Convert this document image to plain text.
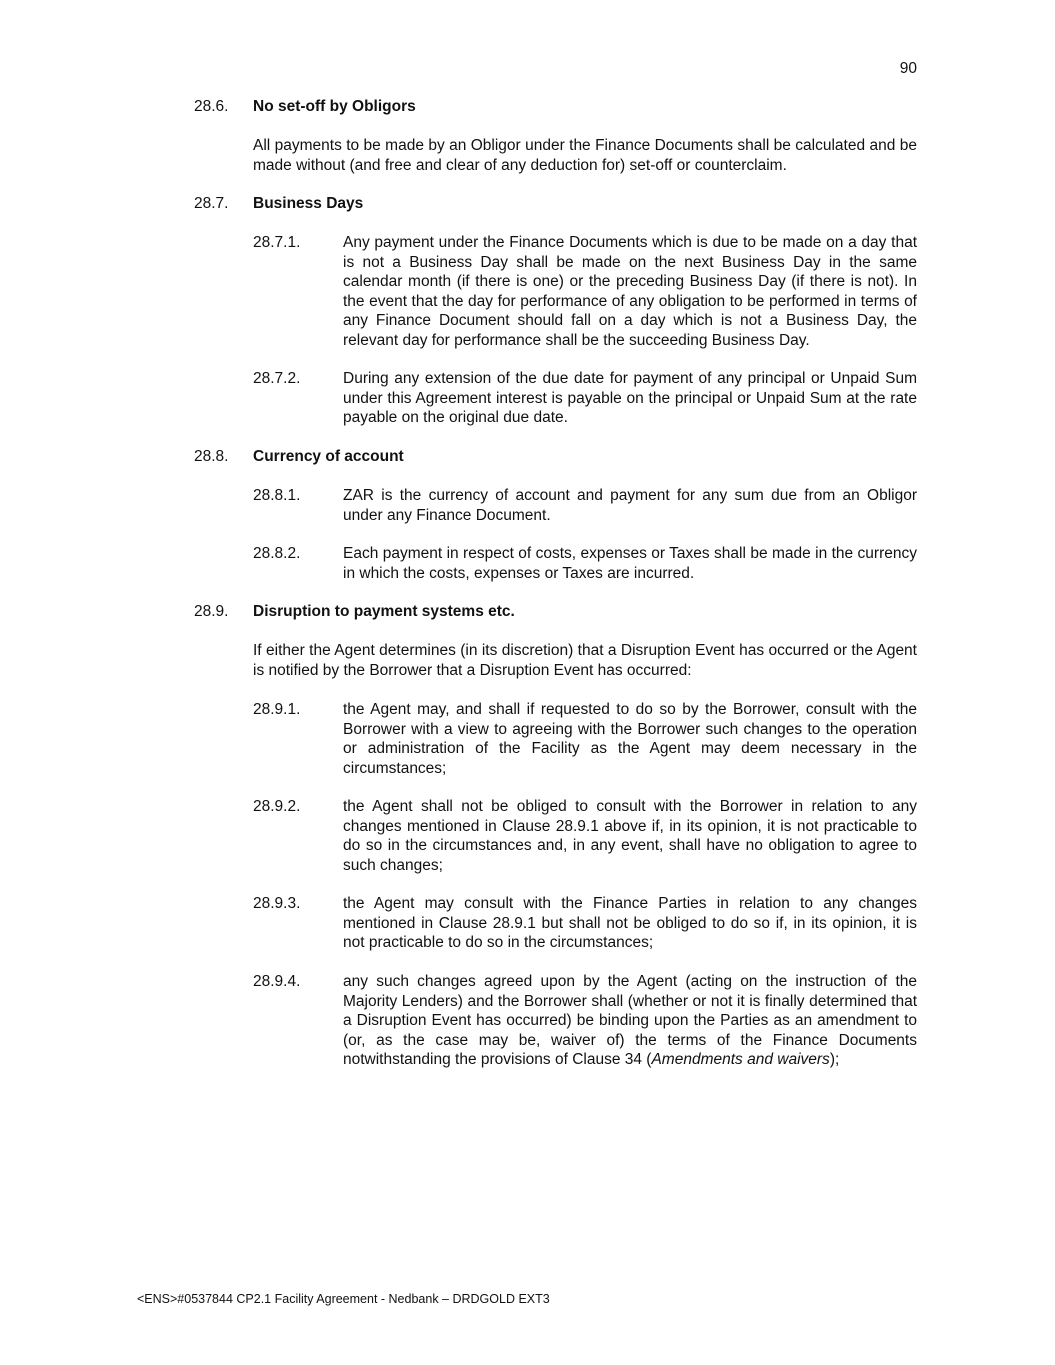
90

28.6. No set-off by Obligors

All payments to be made by an Obligor under the Finance Documents shall be calculated and be made without (and free and clear of any deduction for) set-off or counterclaim.

28.7. Business Days

28.7.1.	Any payment under the Finance Documents which is due to be made on a day that is not a Business Day shall be made on the next Business Day in the same calendar month (if there is one) or the preceding Business Day (if there is not). In the event that the day for performance of any obligation to be performed in terms of any Finance Document should fall on a day which is not a Business Day, the relevant day for performance shall be the succeeding Business Day.

28.7.2.	During any extension of the due date for payment of any principal or Unpaid Sum under this Agreement interest is payable on the principal or Unpaid Sum at the rate payable on the original due date.

28.8. Currency of account

28.8.1.	ZAR is the currency of account and payment for any sum due from an Obligor under any Finance Document.

28.8.2.	Each payment in respect of costs, expenses or Taxes shall be made in the currency in which the costs, expenses or Taxes are incurred.

28.9. Disruption to payment systems etc.

If either the Agent determines (in its discretion) that a Disruption Event has occurred or the Agent is notified by the Borrower that a Disruption Event has occurred:

28.9.1.	the Agent may, and shall if requested to do so by the Borrower, consult with the Borrower with a view to agreeing with the Borrower such changes to the operation or administration of the Facility as the Agent may deem necessary in the circumstances;

28.9.2.	the Agent shall not be obliged to consult with the Borrower in relation to any changes mentioned in Clause 28.9.1 above if, in its opinion, it is not practicable to do so in the circumstances and, in any event, shall have no obligation to agree to such changes;

28.9.3.	the Agent may consult with the Finance Parties in relation to any changes mentioned in Clause 28.9.1 but shall not be obliged to do so if, in its opinion, it is not practicable to do so in the circumstances;

28.9.4.	any such changes agreed upon by the Agent (acting on the instruction of the Majority Lenders) and the Borrower shall (whether or not it is finally determined that a Disruption Event has occurred) be binding upon the Parties as an amendment to (or, as the case may be, waiver of) the terms of the Finance Documents notwithstanding the provisions of Clause 34 (Amendments and waivers);

<ENS>#0537844 CP2.1 Facility Agreement - Nedbank – DRDGOLD EXT3
